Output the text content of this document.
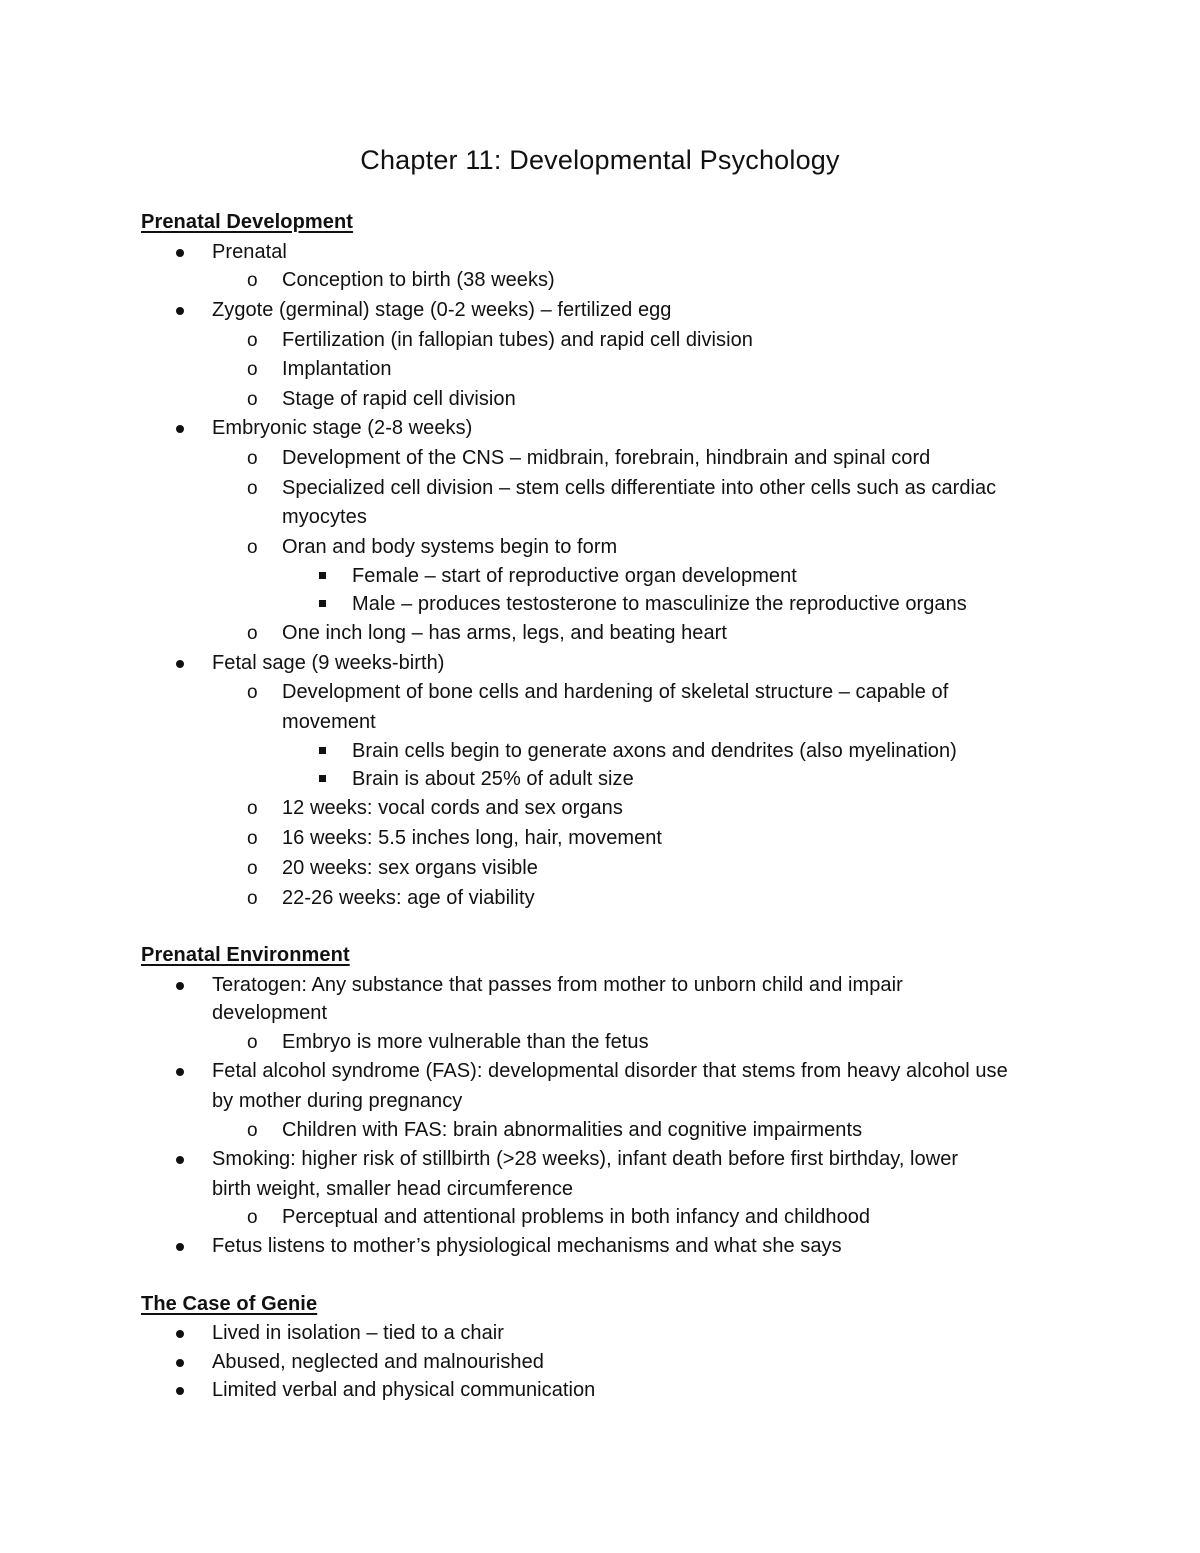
Chapter 11: Developmental Psychology
Prenatal Development
Prenatal
o Conception to birth (38 weeks)
Zygote (germinal) stage (0-2 weeks) – fertilized egg
o Fertilization (in fallopian tubes) and rapid cell division
o Implantation
o Stage of rapid cell division
Embryonic stage (2-8 weeks)
o Development of the CNS – midbrain, forebrain, hindbrain and spinal cord
o Specialized cell division – stem cells differentiate into other cells such as cardiac
myocytes
o Oran and body systems begin to form
Female – start of reproductive organ development
Male – produces testosterone to masculinize the reproductive organs
o One inch long – has arms, legs, and beating heart
Fetal sage (9 weeks-birth)
o Development of bone cells and hardening of skeletal structure – capable of
movement
Brain cells begin to generate axons and dendrites (also myelination)
Brain is about 25% of adult size
o 12 weeks: vocal cords and sex organs
o 16 weeks: 5.5 inches long, hair, movement
o 20 weeks: sex organs visible
o 22-26 weeks: age of viability
Prenatal Environment
Teratogen: Any substance that passes from mother to unborn child and impair
development
o Embryo is more vulnerable than the fetus
Fetal alcohol syndrome (FAS): developmental disorder that stems from heavy alcohol use
by mother during pregnancy
o Children with FAS: brain abnormalities and cognitive impairments
Smoking: higher risk of stillbirth (>28 weeks), infant death before first birthday, lower
birth weight, smaller head circumference
o Perceptual and attentional problems in both infancy and childhood
Fetus listens to mother’s physiological mechanisms and what she says
The Case of Genie
Lived in isolation – tied to a chair
Abused, neglected and malnourished
Limited verbal and physical communication
